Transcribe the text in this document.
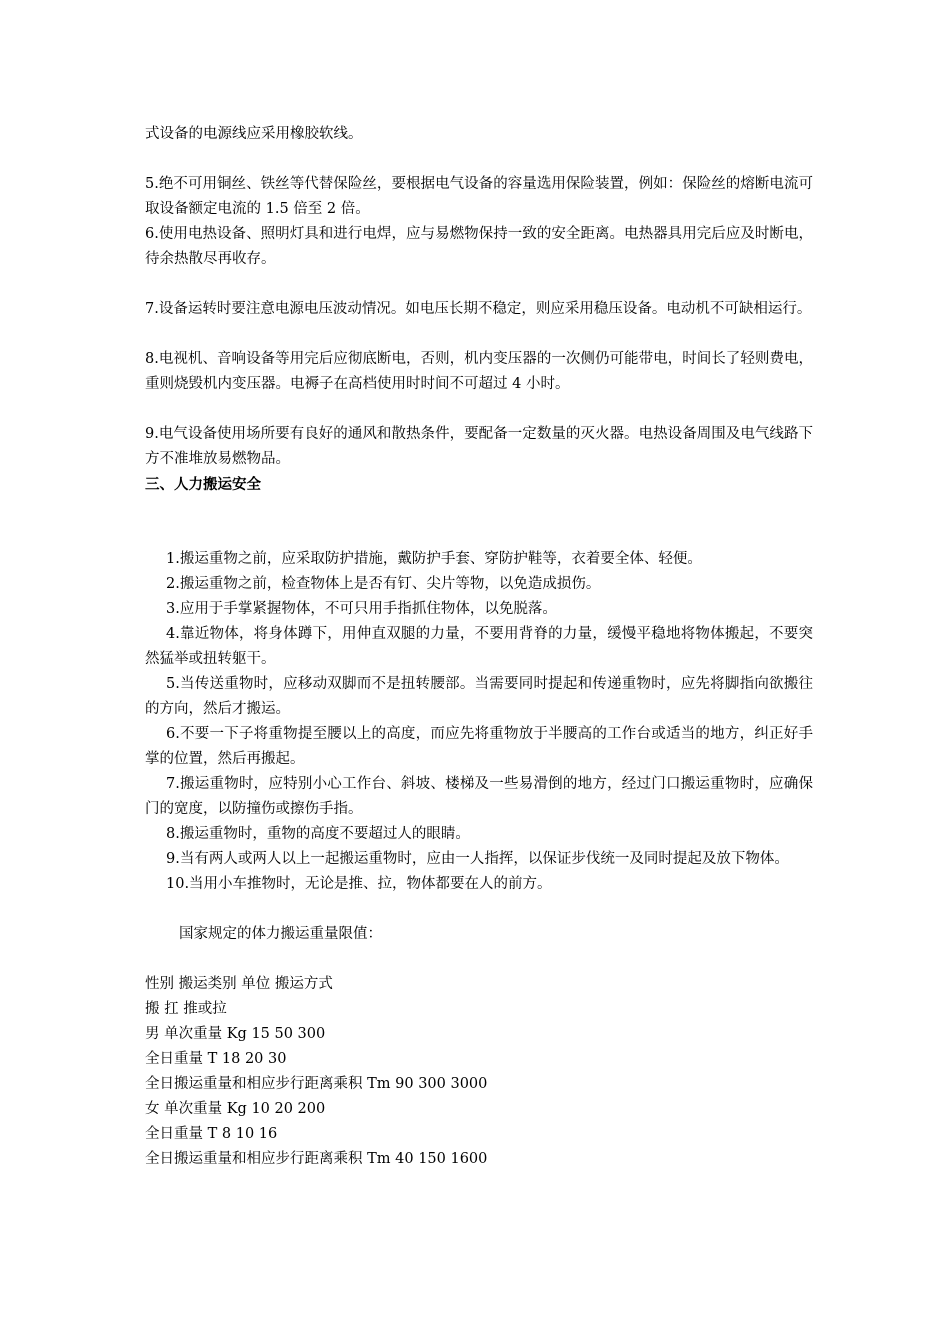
式设备的电源线应采用橡胶软线。

5.绝不可用铜丝、铁丝等代替保险丝，要根据电气设备的容量选用保险装置，例如：保险丝的熔断电流可取设备额定电流的 1.5 倍至 2 倍。

6.使用电热设备、照明灯具和进行电焊，应与易燃物保持一致的安全距离。电热器具用完后应及时断电，待余热散尽再收存。

7.设备运转时要注意电源电压波动情况。如电压长期不稳定，则应采用稳压设备。电动机不可缺相运行。

8.电视机、音响设备等用完后应彻底断电，否则，机内变压器的一次侧仍可能带电，时间长了轻则费电，重则烧毁机内变压器。电褥子在高档使用时时间不可超过 4 小时。

9.电气设备使用场所要有良好的通风和散热条件，要配备一定数量的灭火器。电热设备周围及电气线路下方不准堆放易燃物品。

三、人力搬运安全

1.搬运重物之前，应采取防护措施，戴防护手套、穿防护鞋等，衣着要全体、轻便。

2.搬运重物之前，检查物体上是否有钉、尖片等物，以免造成损伤。

3.应用于手掌紧握物体，不可只用手指抓住物体，以免脱落。

4.靠近物体，将身体蹲下，用伸直双腿的力量，不要用背脊的力量，缓慢平稳地将物体搬起，不要突然猛举或扭转躯干。

5.当传送重物时，应移动双脚而不是扭转腰部。当需要同时提起和传递重物时，应先将脚指向欲搬往的方向，然后才搬运。

6.不要一下子将重物提至腰以上的高度，而应先将重物放于半腰高的工作台或适当的地方，纠正好手掌的位置，然后再搬起。

7.搬运重物时，应特别小心工作台、斜坡、楼梯及一些易滑倒的地方，经过门口搬运重物时，应确保门的宽度，以防撞伤或擦伤手指。

8.搬运重物时，重物的高度不要超过人的眼睛。

9.当有两人或两人以上一起搬运重物时，应由一人指挥，以保证步伐统一及同时提起及放下物体。

10.当用小车推物时，无论是推、拉，物体都要在人的前方。

国家规定的体力搬运重量限值：

性别 搬运类别 单位 搬运方式
搬 扛 推或拉
男 单次重量 Kg 15 50 300
全日重量 T 18 20 30
全日搬运重量和相应步行距离乘积 Tm 90 300 3000
女 单次重量 Kg 10 20 200
全日重量 T 8 10 16
全日搬运重量和相应步行距离乘积 Tm 40 150 1600
